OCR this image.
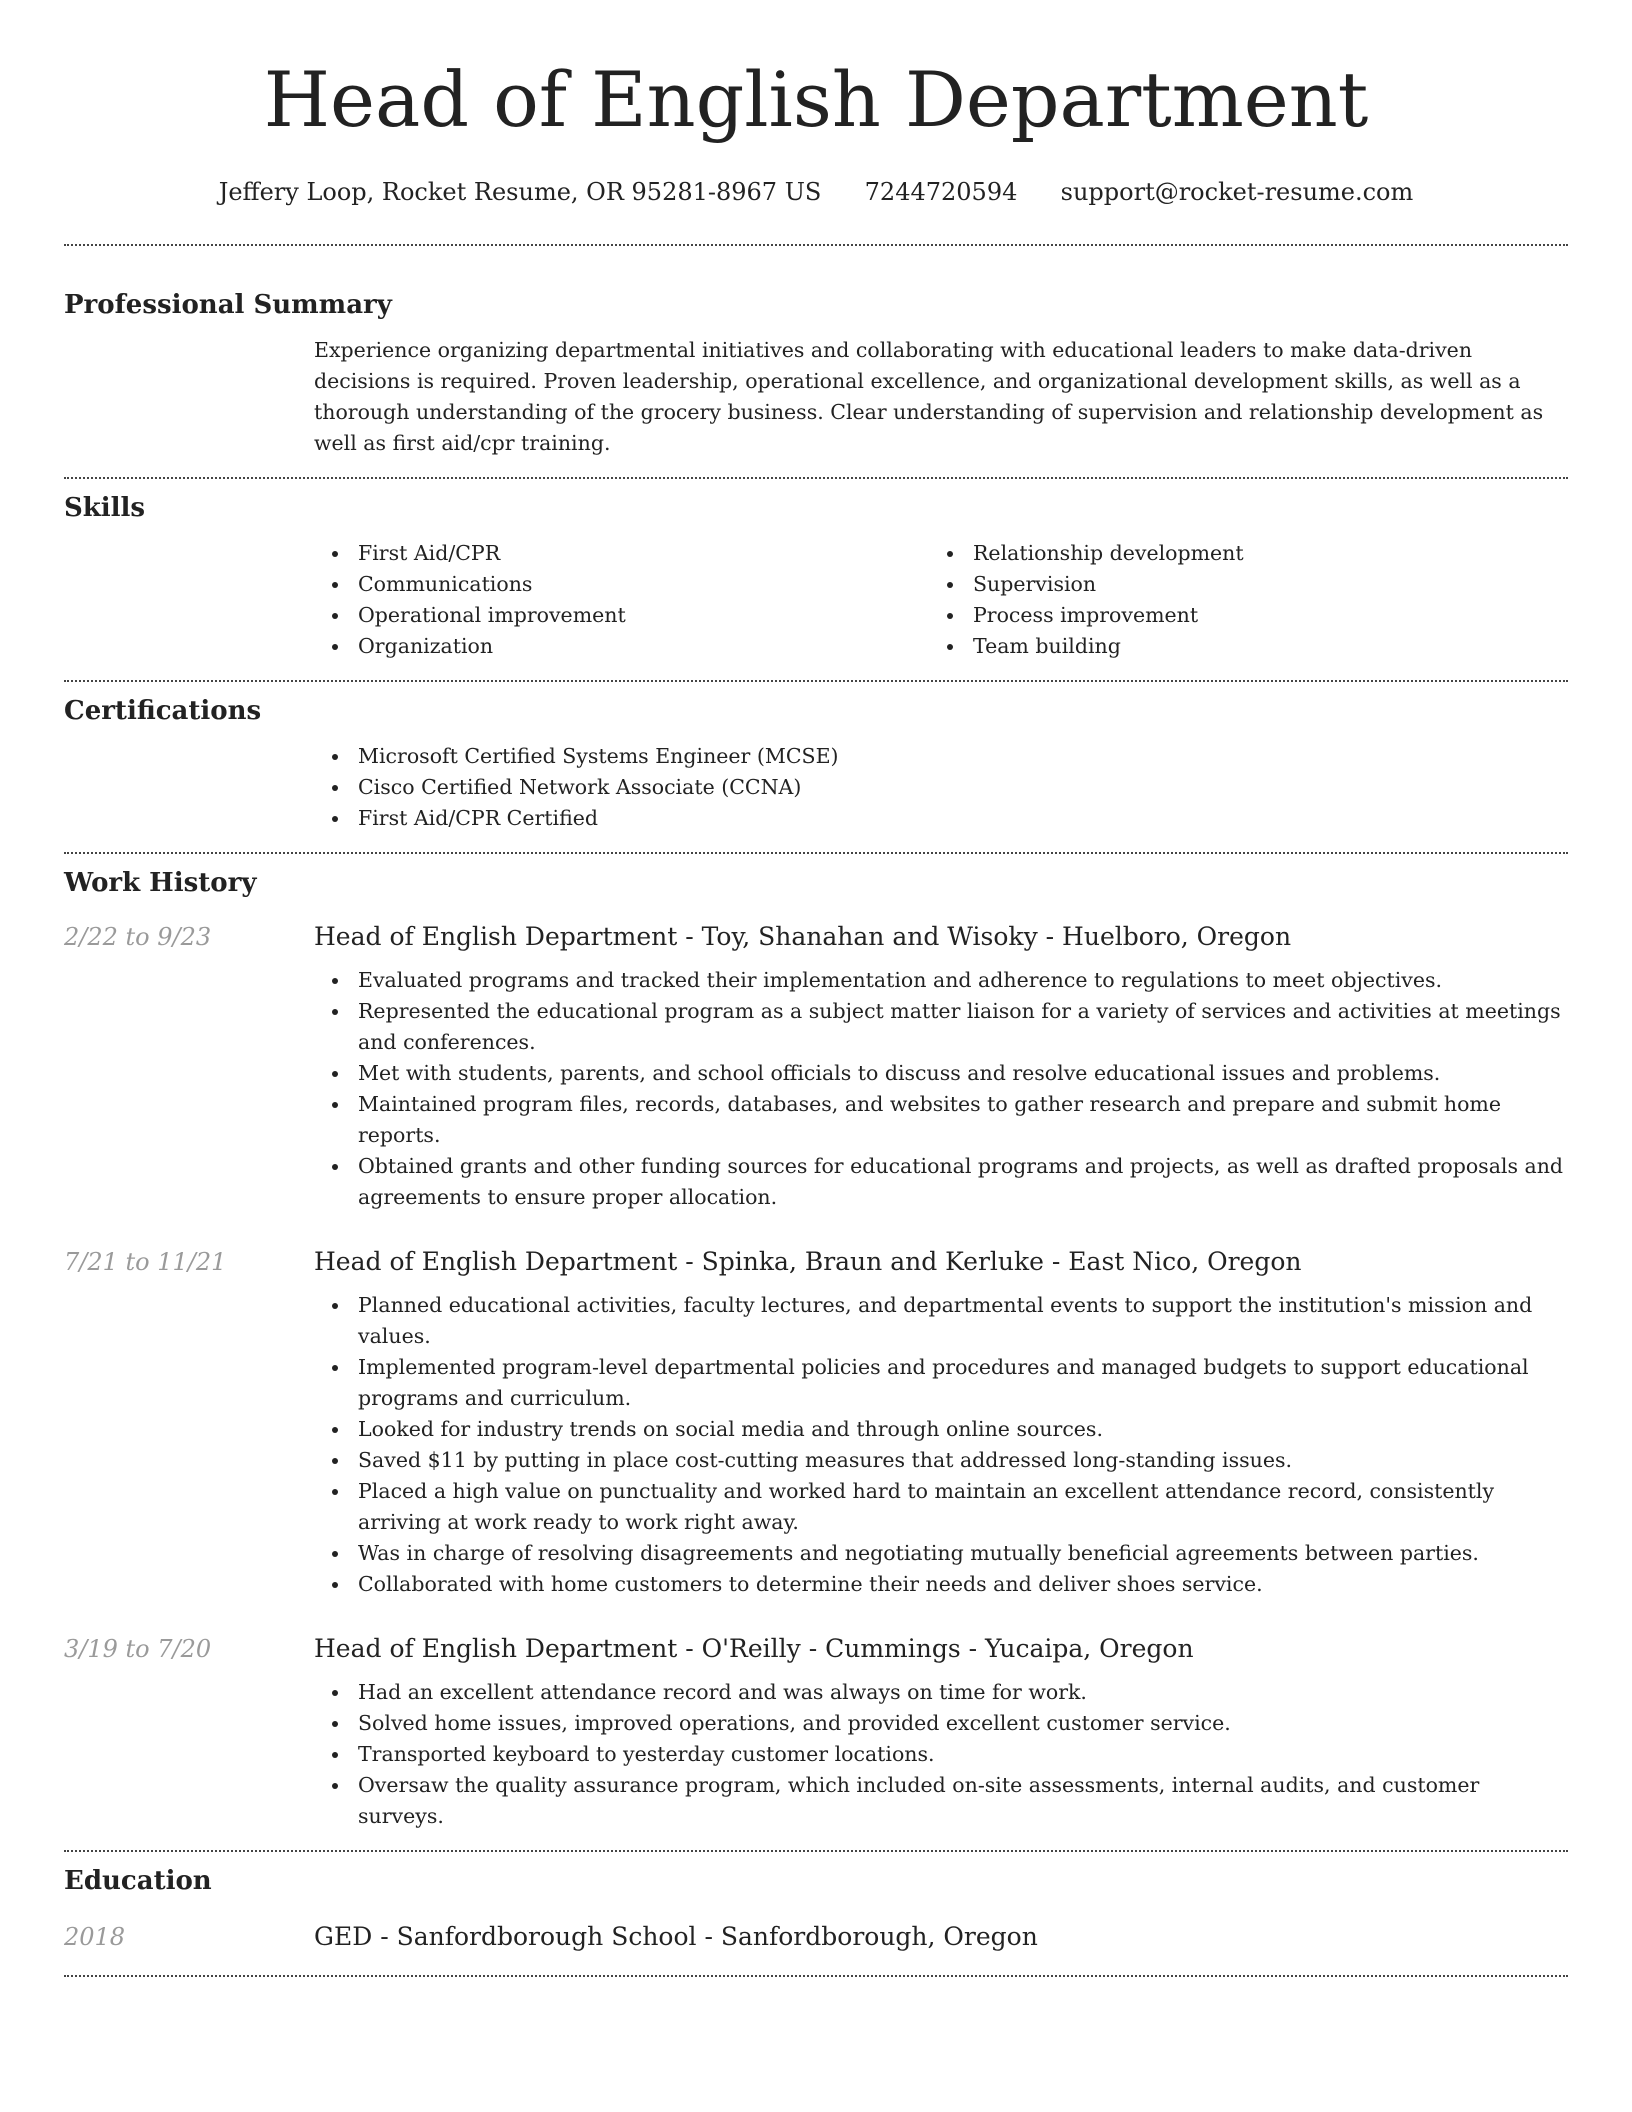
Head of English Department
Jeffery Loop, Rocket Resume, OR 95281-8967 US 7244720594 support@rocket-resume.com
Professional Summary

Experience organizing departmental initiatives and collaborating with educational leaders to make data-driven decisions is required. Proven leadership, operational excellence, and organizational development skills, as well as a thorough understanding of the grocery business. Clear understanding of supervision and relationship development as well as first aid/cpr training.

Skills
First Aid/CPR
Communications
Operational improvement
Organization
Relationship development
Supervision
Process improvement
Team building
Certifications
Microsoft Certified Systems Engineer (MCSE)
Cisco Certified Network Associate (CCNA)
First Aid/CPR Certified
Work History
2/22 to 9/23	Head of English Department - Toy, Shanahan and Wisoky - Huelboro, Oregon
Evaluated programs and tracked their implementation and adherence to regulations to meet objectives.
Represented the educational program as a subject matter liaison for a variety of services and activities at meetings and conferences.
Met with students, parents, and school officials to discuss and resolve educational issues and problems.
Maintained program files, records, databases, and websites to gather research and prepare and submit home reports.
Obtained grants and other funding sources for educational programs and projects, as well as drafted proposals and agreements to ensure proper allocation.
7/21 to 11/21	Head of English Department - Spinka, Braun and Kerluke - East Nico, Oregon
Planned educational activities, faculty lectures, and departmental events to support the institution's mission and values.
Implemented program-level departmental policies and procedures and managed budgets to support educational programs and curriculum.
Looked for industry trends on social media and through online sources.
Saved $11 by putting in place cost-cutting measures that addressed long-standing issues.
Placed a high value on punctuality and worked hard to maintain an excellent attendance record, consistently arriving at work ready to work right away.
Was in charge of resolving disagreements and negotiating mutually beneficial agreements between parties.
Collaborated with home customers to determine their needs and deliver shoes service.
3/19 to 7/20	Head of English Department - O'Reilly - Cummings - Yucaipa, Oregon
Had an excellent attendance record and was always on time for work.
Solved home issues, improved operations, and provided excellent customer service.
Transported keyboard to yesterday customer locations.
Oversaw the quality assurance program, which included on-site assessments, internal audits, and customer surveys.
Education
2018	GED - Sanfordborough School - Sanfordborough, Oregon
